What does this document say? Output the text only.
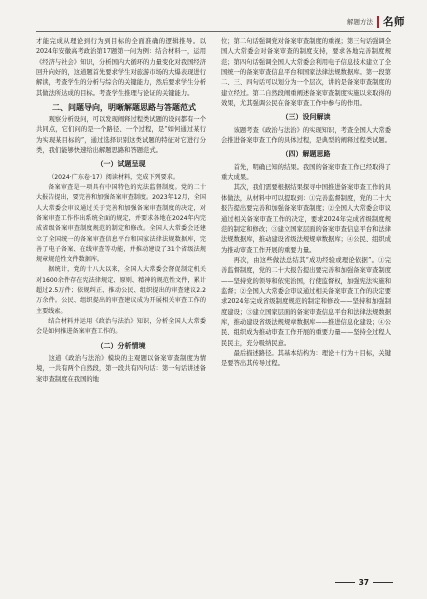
解题方法 名师

才能完成从理论到行为到目标的全面准确的逻辑推导。以2024年安徽高考政治第17题第一问为例：结合材料一，运用《经济与社会》知识，分析国内大循环的力量变化对我国经济回升向好的，这道题首先要求学生对旅游市场的大爆表现进行解读，考查学生的分析与综合的关键能力，然后要求学生分析其做法所达成的目标。考查学生推理与论证的关键能力。

二、问题导向，明晰解题思路与答题范式

观察分析设问，可以发现阐释过程类试题的设问都有一个共同点，它们问的是一个路径、一个过程，是“如何通过某行为实现某目标的”，通过选择识别这类试题的特征对它进行分类，我们能够快速给出解题思路和答题范式。

（一）试题呈现

（2024·广东卷·17）阅读材料，完成下列要求。

备案审查是一项具有中国特色的宪法监督制度。党的二十大报告提出，要完善和加强备案审查制度。2023年12月，全国人大常委会审议通过关于完善和加强备案审查制度的决定，对备案审查工作作出系统全面的规定，并要求各地在2024年内完成省级备案审查制度规范的制定和修改。全国人大常委会还建立了全国统一的备案审查信息平台和国家法律法规数据库，完善了电子备案、在线审查等功能，并推动建设了31个省级法规规章规范性文件数据库。

据统计，党的十八大以来，全国人大常委会督促制定机关对1600余件存在宪法律规定、原则、精神的规范性文件，累计超过2.5万件；依规纠正、推动公民、组织提出的审查建议2.2万余件。公民、组织提出的审查建议成为开展相关审查工作的主要线索。

结合材料并运用《政治与法治》知识，分析全国人大常委会是如何推进备案审查工作的。

（二）分析情境

这道《政治与法治》模块的主观题以备案审查制度为情境，一共有两个自然段，第一段共有四句话：第一句话讲述备案审查制度在我国的地

位；第二句话强调党对备案审查制度的重视；第三句话强调全国人大常委会对备案审查的制度支持，要求各地完善制度规范；第四句话强调全国人大常委会利用电子信息技术建立了全国统一的备案审查信息平台和国家法律法规数据库。第一段第二、三、四句话可以划分为一个层次，讲的是备案审查制度的建立经过。第二自然段阐重阐述备案审查制度实施以来取得的效果，尤其强调公民在备案审查工作中参与的作用。

（三）设问解读

该题考查《政治与法治》的实现知识，考查全国人大常委会推进备案审查工作的具体过程，是典型的阐释过程类试题。

（四）解题思路

首先，明确已知的结果。我国的备案审查工作已经取得了重大成果。

其次，我们需要根据结果探寻中国推进备案审查工作的具体做法，从材料中可以提取到：①完善监督制度，党的二十大报告提出要完善和加强备案审查制度；②全国人大常委会审议通过相关备案审查工作的决定，要求2024年完成省级制度规范的制定和修改；③建立国家层面的备案审查信息平台和法律法规数据库，推动建设省级法规规章数据库；④公民、组织成为推动审查工作开展的重要力量。

再次，由这些做法总结其“成功经验或理论依据”。①完善监督制度，党的二十大报告提出要完善和加强备案审查制度——坚持党的领导和依宪治国，行使监督权，加强宪法实施和监督；②全国人大常委会审议通过相关备案审查工作的决定要求2024年完成省级制度规范的制定和修改——坚持和加强制度建设；③建立国家层面的备案审查信息平台和法律法规数据库，推动建设省级法规规章数据库——推进信息化建设；④公民、组织成为推动审查工作开展的重要力量——坚持全过程人民民主，充分吸纳民意。

最后描述路径。其基本结构为：理论＋行为＋目标，关键是要答出其传导过程。

37
